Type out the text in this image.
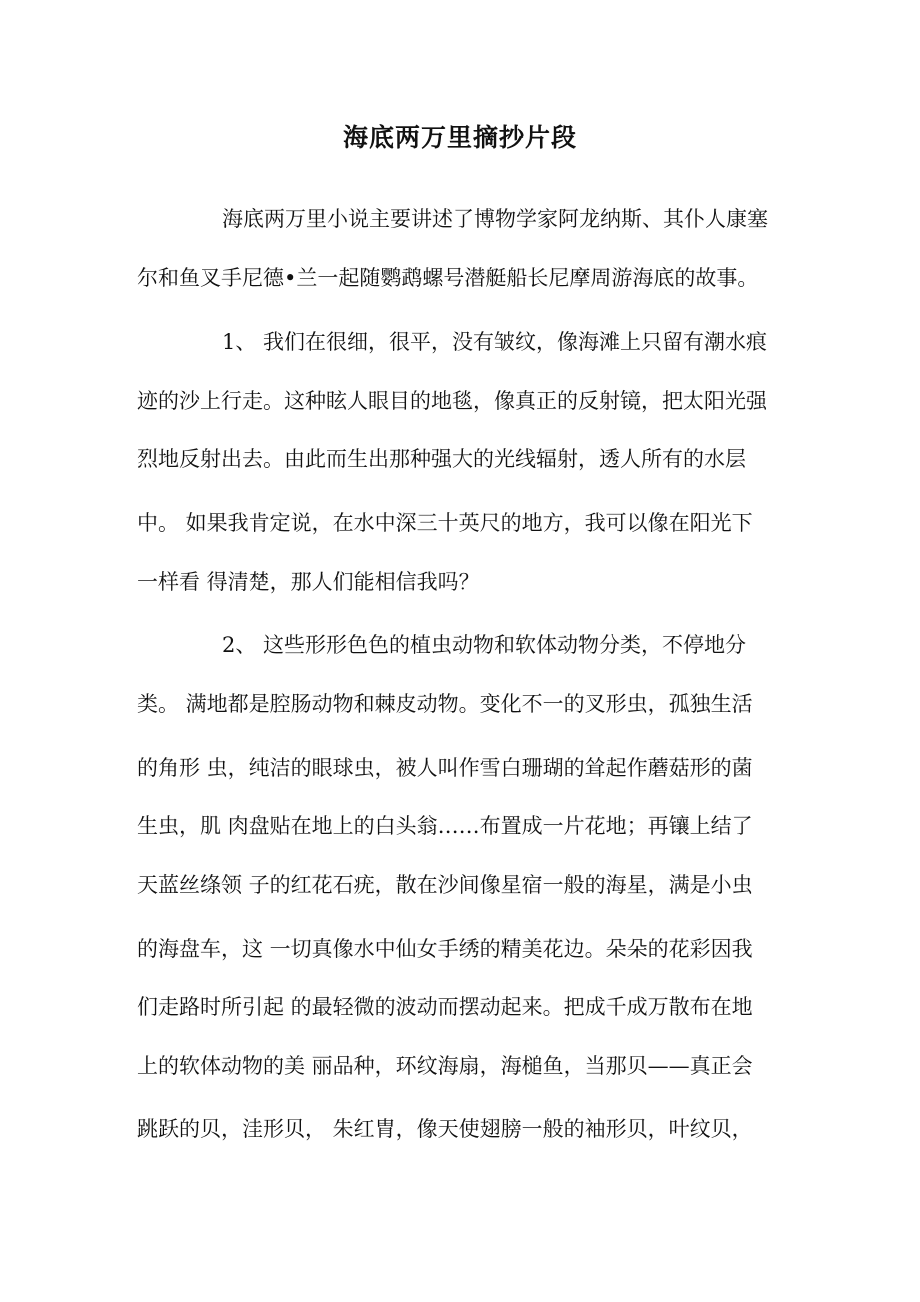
海底两万里摘抄片段
海底两万里小说主要讲述了博物学家阿龙纳斯、其仆人康塞
尔和鱼叉手尼德•兰一起随鹦鹉螺号潜艇船长尼摩周游海底的故事。
1、 我们在很细，很平，没有皱纹，像海滩上只留有潮水痕
迹的沙上行走。这种眩人眼目的地毯，像真正的反射镜，把太阳光强
烈地反射出去。由此而生出那种强大的光线辐射，透人所有的水层
中。 如果我肯定说，在水中深三十英尺的地方，我可以像在阳光下
一样看 得清楚，那人们能相信我吗？
2、 这些形形色色的植虫动物和软体动物分类，不停地分
类。 满地都是腔肠动物和棘皮动物。变化不一的叉形虫，孤独生活
的角形 虫，纯洁的眼球虫，被人叫作雪白珊瑚的耸起作蘑菇形的菌
生虫，肌 肉盘贴在地上的白头翁……布置成一片花地；再镶上结了
天蓝丝绦领 子的红花石疣，散在沙间像星宿一般的海星，满是小虫
的海盘车，这 一切真像水中仙女手绣的精美花边。朵朵的花彩因我
们走路时所引起 的最轻微的波动而摆动起来。把成千成万散布在地
上的软体动物的美 丽品种，环纹海扇，海槌鱼，当那贝——真正会
跳跃的贝，洼形贝， 朱红胄，像天使翅膀一般的袖形贝，叶纹贝，
